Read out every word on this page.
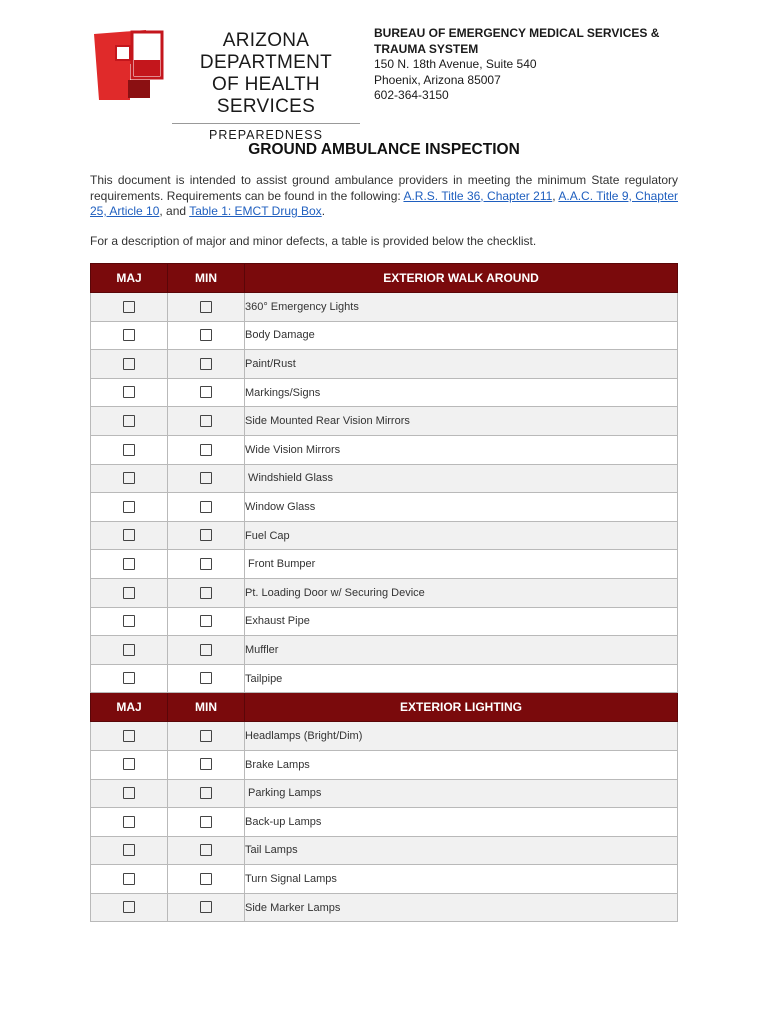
ARIZONA DEPARTMENT
OF HEALTH SERVICES
PREPAREDNESS
BUREAU OF EMERGENCY MEDICAL SERVICES &
TRAUMA SYSTEM
150 N. 18th Avenue, Suite 540
Phoenix, Arizona 85007
602-364-3150
GROUND AMBULANCE INSPECTION
This document is intended to assist ground ambulance providers in meeting the minimum State regulatory requirements. Requirements can be found in the following: A.R.S. Title 36, Chapter 211, A.A.C. Title 9, Chapter 25, Article 10, and Table 1: EMCT Drug Box.
For a description of major and minor defects, a table is provided below the checklist.
MAJ	MIN	EXTERIOR WALK AROUND
		360° Emergency Lights
		Body Damage
		Paint/Rust
		Markings/Signs
		Side Mounted Rear Vision Mirrors
		Wide Vision Mirrors
		Windshield Glass
		Window Glass
		Fuel Cap
		Front Bumper
		Pt. Loading Door w/ Securing Device
		Exhaust Pipe
		Muffler
		Tailpipe
MAJ	MIN	EXTERIOR LIGHTING
		Headlamps (Bright/Dim)
		Brake Lamps
		Parking Lamps
		Back-up Lamps
		Tail Lamps
		Turn Signal Lamps
		Side Marker Lamps
